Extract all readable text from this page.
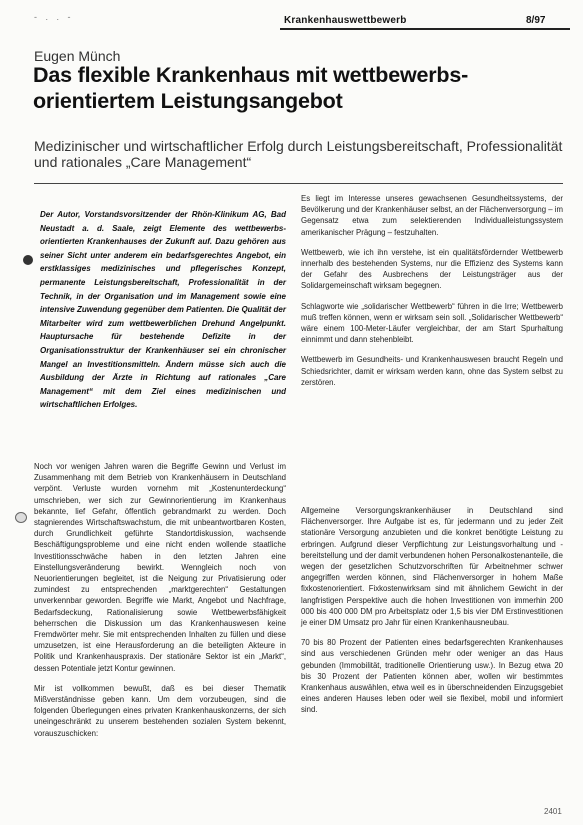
- . . -	Krankenhauswettbewerb	8/97
Eugen Münch
Das flexible Krankenhaus mit wettbewerbs-orientiertem Leistungsangebot
Medizinischer und wirtschaftlicher Erfolg durch Leistungsbereitschaft, Professionalität und rationales „Care Management“

Der Autor, Vorstandsvorsitzender der Rhön-Klinikum AG, Bad Neustadt a. d. Saale, zeigt Elemente des wettbewerbs-orientierten Krankenhauses der Zukunft auf. Dazu gehören aus seiner Sicht unter anderem ein bedarfsgerechtes Angebot, ein erstklassiges medizinisches und pflegerisches Konzept, permanente Leistungsbereitschaft, Professionalität in der Technik, in der Organisation und im Management sowie eine intensive Zuwendung gegenüber dem Patienten. Die Qualität der Mitarbeiter wird zum wettbewerblichen Drehund Angelpunkt. Hauptursache für bestehende Defizite in der Organisationsstruktur der Krankenhäuser sei ein chronischer Mangel an Investitionsmitteln. Ändern müsse sich auch die Ausbildung der Ärzte in Richtung auf rationales „Care Management“ mit dem Ziel eines medizinischen und wirtschaftlichen Erfolges.

Noch vor wenigen Jahren waren die Begriffe Gewinn und Verlust im Zusammenhang mit dem Betrieb von Krankenhäusern in Deutschland verpönt. Verluste wurden vornehm mit „Kostenunterdeckung“ umschrieben, wer sich zur Gewinnorientierung im Krankenhaus bekannte, lief Gefahr, öffentlich gebrandmarkt zu werden. Doch stagnierendes Wirtschaftswachstum, die mit unbeantwortbaren Kosten, durch Grundlichkeit geführte Standortdiskussion, wachsende Beschäftigungsprobleme und eine nicht enden wollende staatliche Investitionsschwäche haben in den letzten Jahren eine Einstellungsveränderung bewirkt. Wenngleich noch von Neuorientierungen begleitet, ist die Neigung zur Privatisierung oder zumindest zu entsprechenden „marktgerechten“ Gestaltungen unverkennbar geworden. Begriffe wie Markt, Angebot und Nachfrage, Bedarfsdeckung, Rationalisierung sowie Wettbewerbsfähigkeit beherrschen die Diskussion um das Krankenhauswesen keine Fremdwörter mehr. Sie mit entsprechenden Inhalten zu füllen und diese umzusetzen, ist eine Herausforderung an die beteiligten Akteure in Politik und Krankenhauspraxis. Der stationäre Sektor ist ein „Markt“, dessen Potentiale jetzt Kontur gewinnen.

Mir ist vollkommen bewußt, daß es bei dieser Thematik Mißverständnisse geben kann. Um dem vorzubeugen, sind die folgenden Überlegungen eines privaten Krankenhauskonzerns, der sich uneingeschränkt zu unserem bestehenden sozialen System bekennt, vorauszuschicken:

Es liegt im Interesse unseres gewachsenen Gesundheitssystems, der Bevölkerung und der Krankenhäuser selbst, an der Flächenversorgung – im Gegensatz etwa zum selektierenden Individualleistungssystem amerikanischer Prägung – festzuhalten.

Wettbewerb, wie ich ihn verstehe, ist ein qualitätsfördernder Wettbewerb innerhalb des bestehenden Systems, nur die Effizienz des Systems kann der Gefahr des Ausbrechens der Leistungsträger aus der Solidargemeinschaft wirksam begegnen.

Schlagworte wie „solidarischer Wettbewerb“ führen in die Irre; Wettbewerb muß treffen können, wenn er wirksam sein soll. „Solidarischer Wettbewerb“ wäre einem 100-Meter-Läufer vergleichbar, der am Start Spurhaltung einnimmt und dann stehenbleibt.

Wettbewerb im Gesundheits- und Krankenhauswesen braucht Regeln und Schiedsrichter, damit er wirksam werden kann, ohne das System selbst zu zerstören.

Allgemeine Versorgungskrankenhäuser in Deutschland sind Flächenversorger. Ihre Aufgabe ist es, für jedermann und zu jeder Zeit stationäre Versorgung anzubieten und die konkret benötigte Leistung zu erbringen. Aufgrund dieser Verpflichtung zur Leistungsvorhaltung und -bereitstellung und der damit verbundenen hohen Personalkostenanteile, die wegen der gesetzlichen Schutzvorschriften für Arbeitnehmer schwer angegriffen werden können, sind Flächenversorger in hohem Maße fixkostenorientiert. Fixkostenwirksam sind mit ähnlichem Gewicht in der langfristigen Perspektive auch die hohen Investitionen von immerhin 200 000 bis 400 000 DM pro Arbeitsplatz oder 1,5 bis vier DM Erstinvestitionen je einer DM Umsatz pro Jahr für einen Krankenhausneubau.

70 bis 80 Prozent der Patienten eines bedarfsgerechten Krankenhauses sind aus verschiedenen Gründen mehr oder weniger an das Haus gebunden (Immobilität, traditionelle Orientierung usw.). In Bezug etwa 20 bis 30 Prozent der Patienten können aber, wollen wir bestimmtes Krankenhaus auswählen, etwa weil es in überschneidenden Einzugsgebiet eines anderen Hauses leben oder weil sie flexibel, mobil und informiert sind.

2401
